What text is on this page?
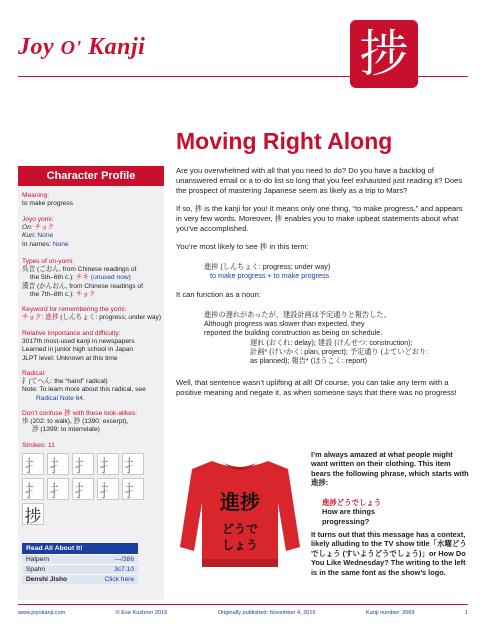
Joy O' Kanji	捗
Moving Right Along
Character Profile
Meaning:
to make progress
Joyo yomi:
On: チョク
Kun: None
In names: None
Types of on-yomi:
呉音 (ごおん, from Chinese readings of
the 5th–6th c.): チキ (unused now)
漢音 (かんおん, from Chinese readings of
the 7th–8th c.): チョク
Keyword for remembering the yomi:
チョク: 進捗 (しんちょく: progress; under way)
Relative importance and difficulty:
3017th most-used kanji in newspapers
Learned in junior high school in Japan
JLPT level: Unknown at this time
Radical:
扌(てへん: the “hand” radical)
Note: To learn more about this radical, see
Radical Note 64.
Don’t confuse 捗 with these look-alikes:
歩 (202: to walk), 抄 (1390: excerpt),
渉 (1399: to interrelate)
Strokes: 11
扌 扌 扌 扌 扌
扌 扌 扌 扌 扌
捗
Read All About It!
Halpern	—/386
Spahn	3c7.10
Denshi Jisho	Click here
Are you overwhelmed with all that you need to do? Do you have a backlog of unanswered email or a to-do list so long that you feel exhausted just reading it? Does the prospect of mastering Japanese seem as likely as a trip to Mars?
If so, 捗 is the kanji for you! It means only one thing, “to make progress,” and appears in very few words. Moreover, 捗 enables you to make upbeat statements about what you’ve accomplished.
You’re most likely to see 捗 in this term:
進捗 (しんちょく: progress; under way)
to make progress + to make progress
It can function as a noun:
進捗の遅れがあったが、建設計画は予定通りと報告した。
Although progress was slower than expected, they
reported the building construction as being on schedule.
遅れ (おくれ: delay); 建設 (けんせつ: construction);
計画* (けいかく: plan, project); 予定通り (よていどおり:
as planned); 報告* (ほうこく: report)
Well, that sentence wasn’t uplifting at all! Of course, you can take any term with a positive meaning and negate it, as when someone says that there was no progress!
進捗
どうで
しょう
I’m always amazed at what people might want written on their clothing. This item bears the following phrase, which starts with 進捗:
進捗どうでしょう
How are things
progressing?
It turns out that this message has a context, likely alluding to the TV show title「水曜どうでしょう (すいようどうでしょう)」or How Do You Like Wednesday? The writing to the left is in the same font as the show’s logo.
www.joyokanji.com	© Eve Kushner 2016	Originally published: November 4, 2016	Kanji number: 2069	1
